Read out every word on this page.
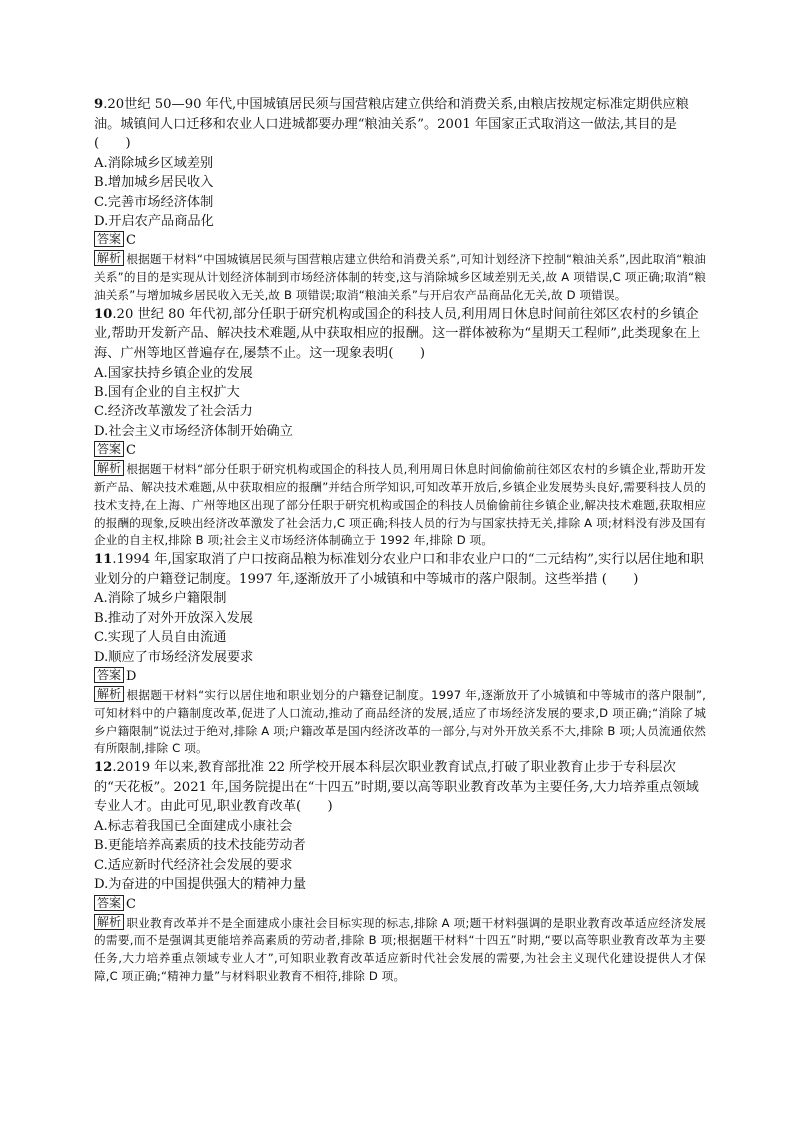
9.20世纪 50—90 年代,中国城镇居民须与国营粮店建立供给和消费关系,由粮店按规定标准定期供应粮油。城镇间人口迁移和农业人口进城都要办理“粮油关系”。2001 年国家正式取消这一做法,其目的是(　　)

A.消除城乡区域差别

B.增加城乡居民收入

C.完善市场经济体制

D.开启农产品商品化

答案 C

解析 根据题干材料“中国城镇居民须与国营粮店建立供给和消费关系”,可知计划经济下控制“粮油关系”,因此取消“粮油关系”的目的是实现从计划经济体制到市场经济体制的转变,这与消除城乡区域差别无关,故 A 项错误,C 项正确;取消“粮油关系”与增加城乡居民收入无关,故 B 项错误;取消“粮油关系”与开启农产品商品化无关,故 D 项错误。

10.20 世纪 80 年代初,部分任职于研究机构或国企的科技人员,利用周日休息时间前往郊区农村的乡镇企业,帮助开发新产品、解决技术难题,从中获取相应的报酬。这一群体被称为“星期天工程师”,此类现象在上海、广州等地区普遍存在,屡禁不止。这一现象表明(　　)

A.国家扶持乡镇企业的发展

B.国有企业的自主权扩大

C.经济改革激发了社会活力

D.社会主义市场经济体制开始确立

答案 C

解析 根据题干材料“部分任职于研究机构或国企的科技人员,利用周日休息时间偷偷前往郊区农村的乡镇企业,帮助开发新产品、解决技术难题,从中获取相应的报酬”并结合所学知识,可知改革开放后,乡镇企业发展势头良好,需要科技人员的技术支持,在上海、广州等地区出现了部分任职于研究机构或国企的科技人员偷偷前往乡镇企业,解决技术难题,获取相应的报酬的现象,反映出经济改革激发了社会活力,C 项正确;科技人员的行为与国家扶持无关,排除 A 项;材料没有涉及国有企业的自主权,排除 B 项;社会主义市场经济体制确立于 1992 年,排除 D 项。

11.1994 年,国家取消了户口按商品粮为标准划分农业户口和非农业户口的“二元结构”,实行以居住地和职业划分的户籍登记制度。1997 年,逐渐放开了小城镇和中等城市的落户限制。这些举措 (　　)

A.消除了城乡户籍限制

B.推动了对外开放深入发展

C.实现了人员自由流通

D.顺应了市场经济发展要求

答案 D

解析 根据题干材料“实行以居住地和职业划分的户籍登记制度。1997 年,逐渐放开了小城镇和中等城市的落户限制”,可知材料中的户籍制度改革,促进了人口流动,推动了商品经济的发展,适应了市场经济发展的要求,D 项正确;“消除了城乡户籍限制”说法过于绝对,排除 A 项;户籍改革是国内经济改革的一部分,与对外开放关系不大,排除 B 项;人员流通依然有所限制,排除 C 项。

12.2019 年以来,教育部批准 22 所学校开展本科层次职业教育试点,打破了职业教育止步于专科层次的“天花板”。2021 年,国务院提出在“十四五”时期,要以高等职业教育改革为主要任务,大力培养重点领域专业人才。由此可见,职业教育改革(　　)

A.标志着我国已全面建成小康社会

B.更能培养高素质的技术技能劳动者

C.适应新时代经济社会发展的要求

D.为奋进的中国提供强大的精神力量

答案 C

解析 职业教育改革并不是全面建成小康社会目标实现的标志,排除 A 项;题干材料强调的是职业教育改革适应经济发展的需要,而不是强调其更能培养高素质的劳动者,排除 B 项;根据题干材料“十四五”时期,“要以高等职业教育改革为主要任务,大力培养重点领域专业人才”,可知职业教育改革适应新时代社会发展的需要,为社会主义现代化建设提供人才保障,C 项正确;“精神力量”与材料职业教育不相符,排除 D 项。
